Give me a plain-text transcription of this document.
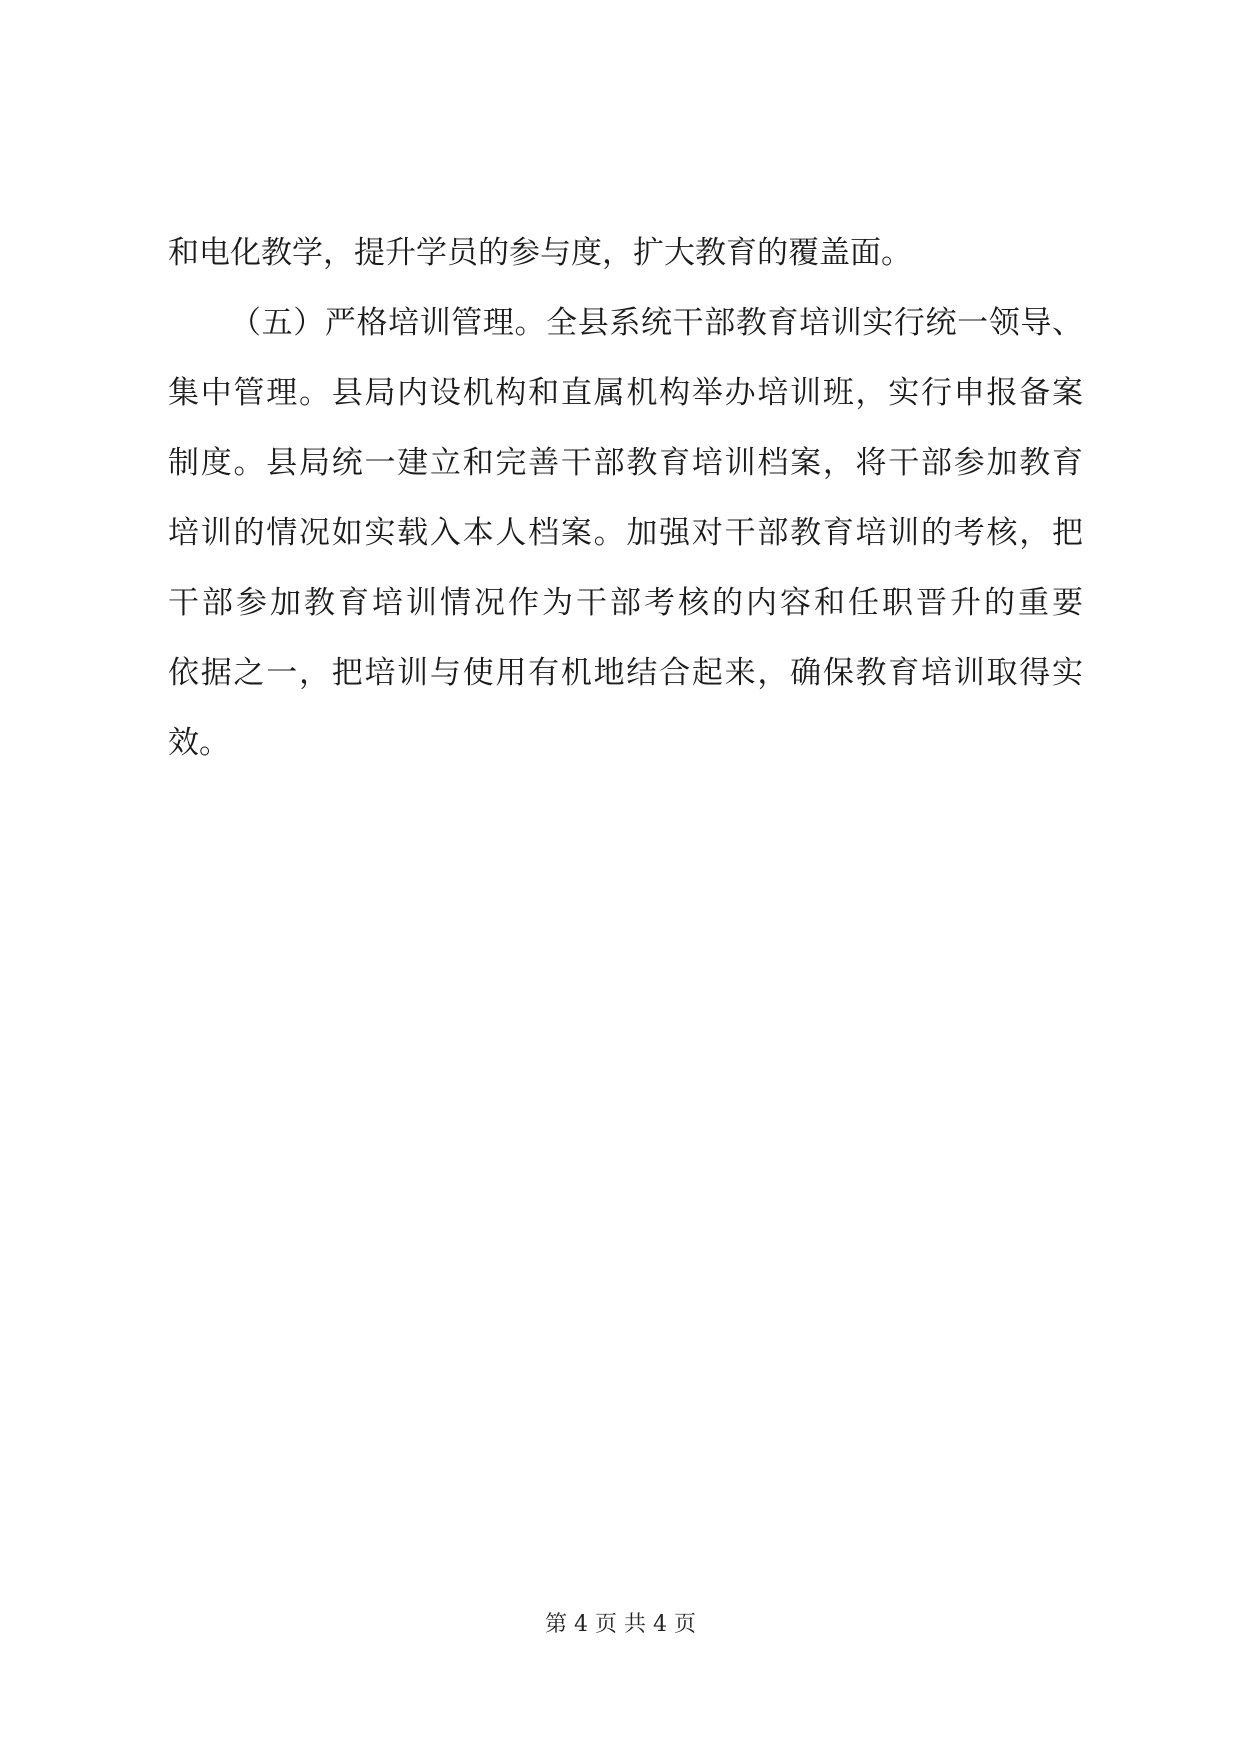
和电化教学，提升学员的参与度，扩大教育的覆盖面。
（五）严格培训管理。全县系统干部教育培训实行统一领导、
集中管理。县局内设机构和直属机构举办培训班，实行申报备案
制度。县局统一建立和完善干部教育培训档案，将干部参加教育
培训的情况如实载入本人档案。加强对干部教育培训的考核，把
干部参加教育培训情况作为干部考核的内容和任职晋升的重要
依据之一，把培训与使用有机地结合起来，确保教育培训取得实
效。
第 4 页 共 4 页
